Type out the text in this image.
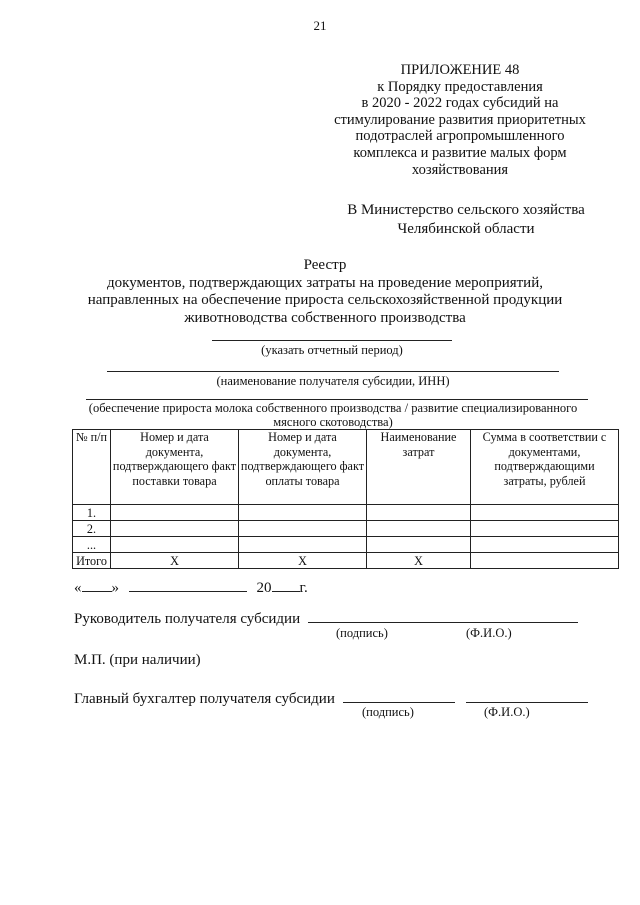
21
ПРИЛОЖЕНИЕ 48
к Порядку предоставления
в 2020 - 2022 годах субсидий на
стимулирование развития приоритетных
подотраслей агропромышленного
комплекса и развитие малых форм
хозяйствования
В Министерство сельского хозяйства
Челябинской области
Реестр
документов, подтверждающих затраты на проведение мероприятий,
направленных на обеспечение прироста сельскохозяйственной продукции
животноводства собственного производства
(указать отчетный период)
(наименование получателя субсидии, ИНН)
(обеспечение прироста молока собственного производства / развитие специализированного
мясного скотоводства)
№ п/п	Номер и дата документа, подтверждающего факт поставки товара	Номер и дата документа, подтверждающего факт оплаты товара	Наименование затрат	Сумма в соответствии с документами, подтверждающими затраты, рублей
1.				
2.				
...				
Итого	X	X	X	
« »	20 г.
Руководитель получателя субсидии
(подпись)	(Ф.И.О.)
М.П. (при наличии)
Главный бухгалтер получателя субсидии
(подпись)	(Ф.И.О.)
